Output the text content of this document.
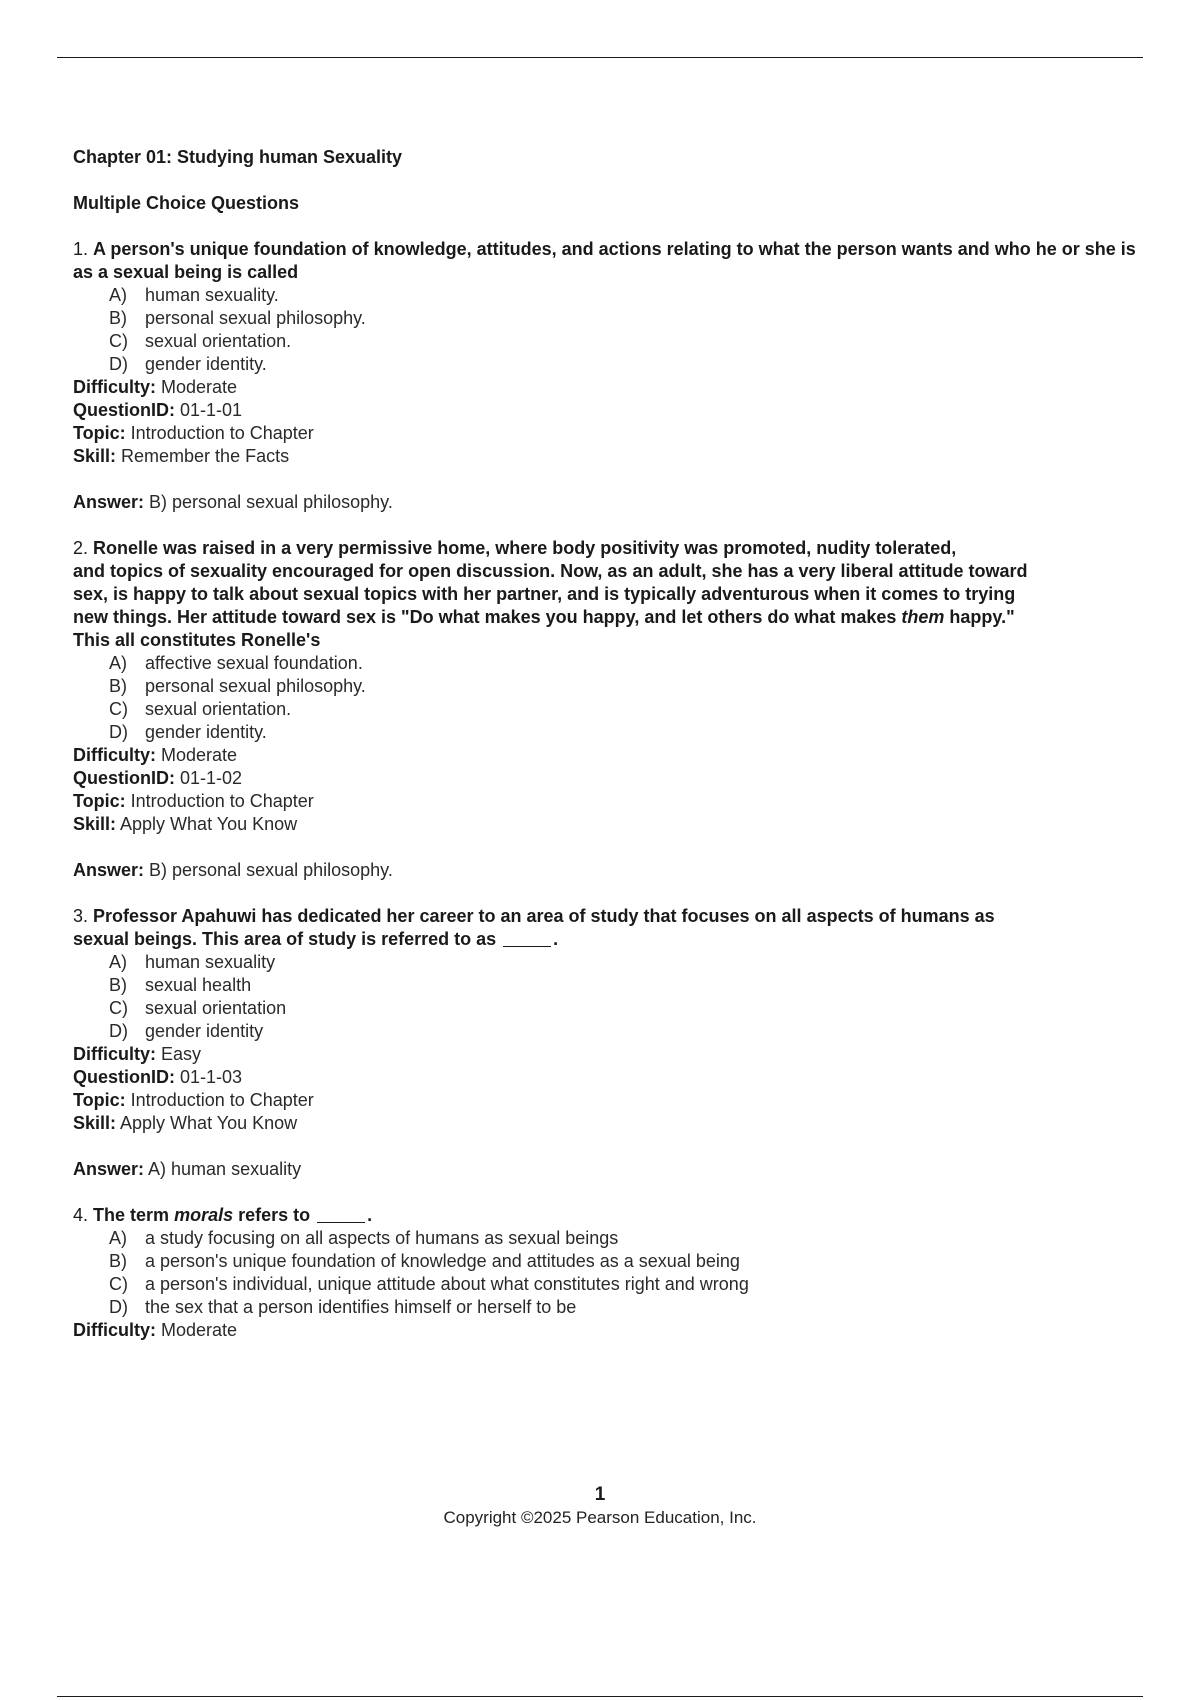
Chapter 01: Studying human Sexuality
Multiple Choice Questions
1. A person's unique foundation of knowledge, attitudes, and actions relating to what the person wants and who he or she is as a sexual being is called
A)	human sexuality.
B)	personal sexual philosophy.
C) sexual orientation.
D) gender identity.
Difficulty: Moderate
QuestionID: 01-1-01
Topic: Introduction to Chapter
Skill: Remember the Facts
Answer: B) personal sexual philosophy.
2. Ronelle was raised in a very permissive home, where body positivity was promoted, nudity tolerated,
and topics of sexuality encouraged for open discussion. Now, as an adult, she has a very liberal attitude toward
sex, is happy to talk about sexual topics with her partner, and is typically adventurous when it comes to trying
new things. Her attitude toward sex is "Do what makes you happy, and let others do what makes them happy."
This all constitutes Ronelle's
A)	affective sexual foundation.
B)	personal sexual philosophy.
C) sexual orientation.
D) gender identity.
Difficulty: Moderate
QuestionID: 01-1-02
Topic: Introduction to Chapter
Skill: Apply What You Know
Answer: B) personal sexual philosophy.
3. Professor Apahuwi has dedicated her career to an area of study that focuses on all aspects of humans as
sexual beings. This area of study is referred to as	.
A)	human sexuality
B)	sexual health
C) sexual orientation
D) gender identity
Difficulty: Easy
QuestionID: 01-1-03
Topic: Introduction to Chapter
Skill: Apply What You Know
Answer: A) human sexuality
4. The term morals refers to	.
A)	a study focusing on all aspects of humans as sexual beings
B)	a person's unique foundation of knowledge and attitudes as a sexual being
C) a person's individual, unique attitude about what constitutes right and wrong
D) the sex that a person identifies himself or herself to be
Difficulty: Moderate
1
Copyright ©2025 Pearson Education, Inc.
